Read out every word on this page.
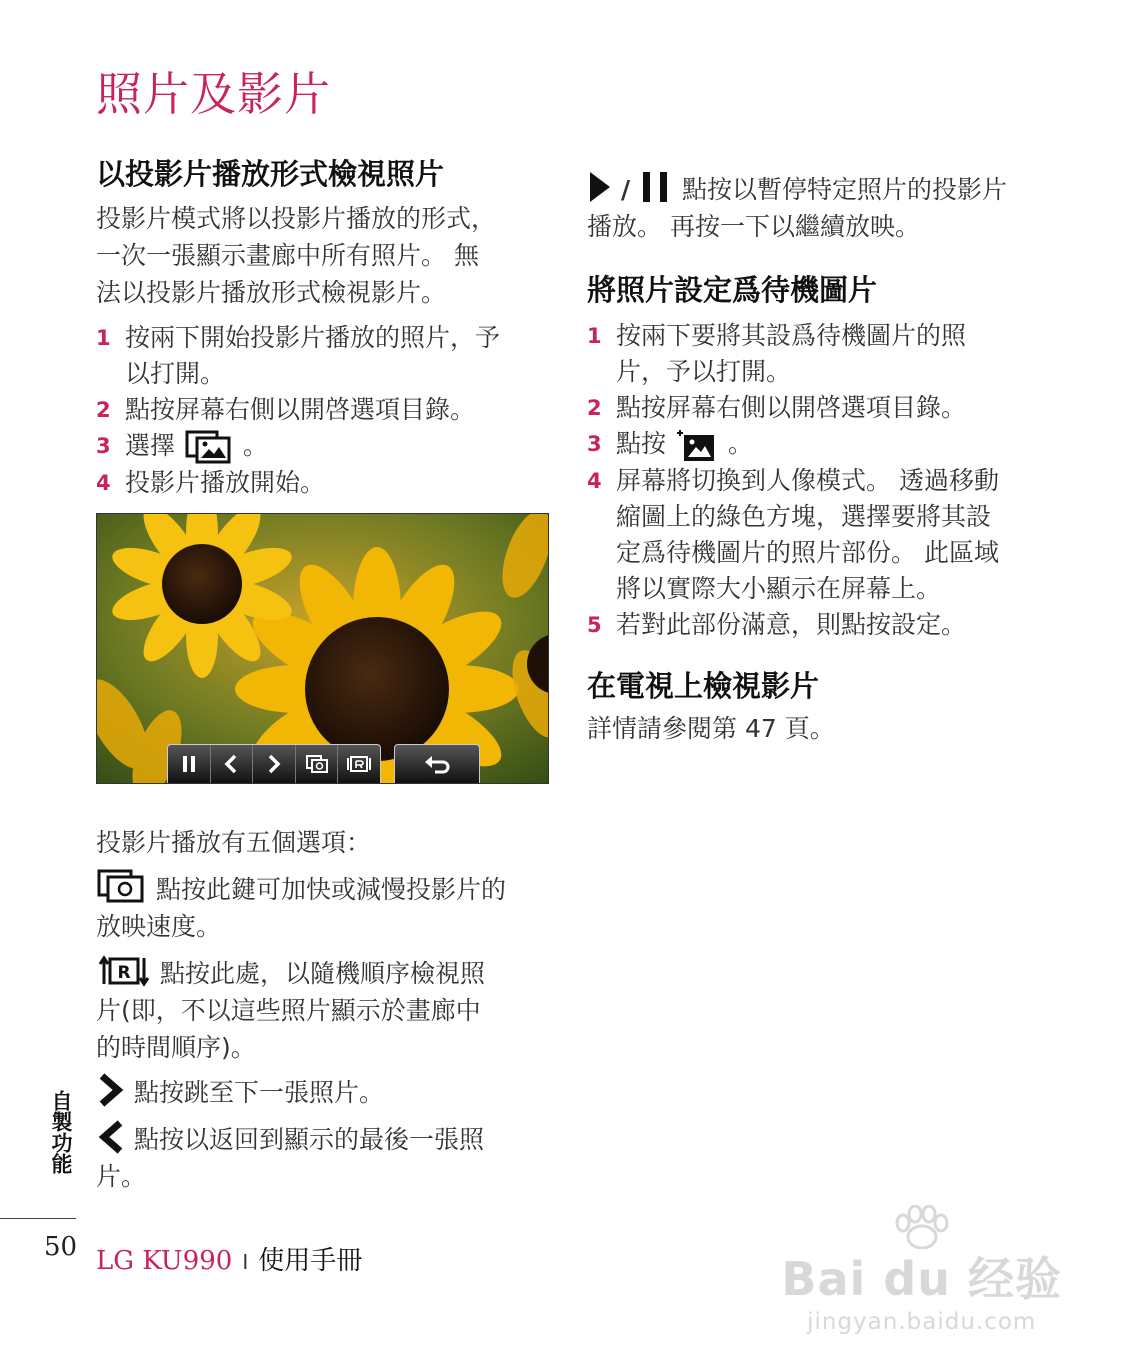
照片及影片
以投影片播放形式檢視照片
投影片模式將以投影片播放的形式，
一次一張顯示畫廊中所有照片。 無
法以投影片播放形式檢視影片。
1 按兩下開始投影片播放的照片，予
以打開。
2 點按屏幕右側以開啓選項目錄。
3 選擇	。
4 投影片播放開始。
投影片播放有五個選項：
點按此鍵可加快或減慢投影片的
放映速度。
R 點按此處，以隨機順序檢視照
片(即，不以這些照片顯示於畫廊中
的時間順序)。
點按跳至下一張照片。
點按以返回到顯示的最後一張照
片。
/ 點按以暫停特定照片的投影片
播放。 再按一下以繼續放映。
將照片設定爲待機圖片
1 按兩下要將其設爲待機圖片的照
片，予以打開。
2 點按屏幕右側以開啓選項目錄。
3 點按 。
4 屏幕將切換到人像模式。 透過移動
縮圖上的綠色方塊，選擇要將其設
定爲待機圖片的照片部份。 此區域
將以實際大小顯示在屏幕上。
5 若對此部份滿意，則點按設定。
在電視上檢視影片
詳情請參閱第 47 頁。
自製功能
50 LG KU990 I 使用手冊	Bai du 经验
jingyan.baidu.com
